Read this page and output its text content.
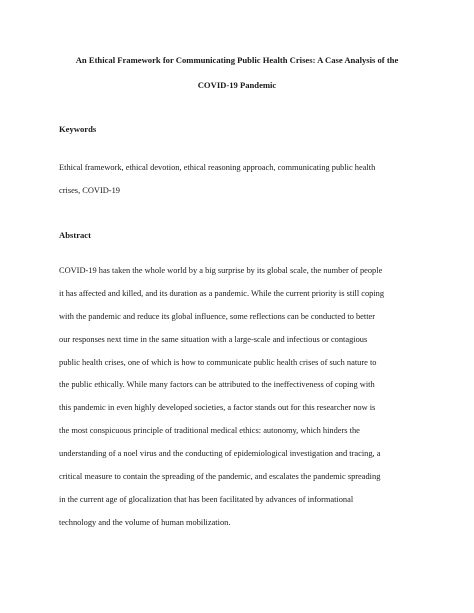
An Ethical Framework for Communicating Public Health Crises: A Case Analysis of the
COVID-19 Pandemic
Keywords
Ethical framework, ethical devotion, ethical reasoning approach, communicating public health
crises, COVID-19
Abstract
COVID-19 has taken the whole world by a big surprise by its global scale, the number of people
it has affected and killed, and its duration as a pandemic. While the current priority is still coping
with the pandemic and reduce its global influence, some reflections can be conducted to better
our responses next time in the same situation with a large-scale and infectious or contagious
public health crises, one of which is how to communicate public health crises of such nature to
the public ethically. While many factors can be attributed to the ineffectiveness of coping with
this pandemic in even highly developed societies, a factor stands out for this researcher now is
the most conspicuous principle of traditional medical ethics: autonomy, which hinders the
understanding of a noel virus and the conducting of epidemiological investigation and tracing, a
critical measure to contain the spreading of the pandemic, and escalates the pandemic spreading
in the current age of glocalization that has been facilitated by advances of informational
technology and the volume of human mobilization.
